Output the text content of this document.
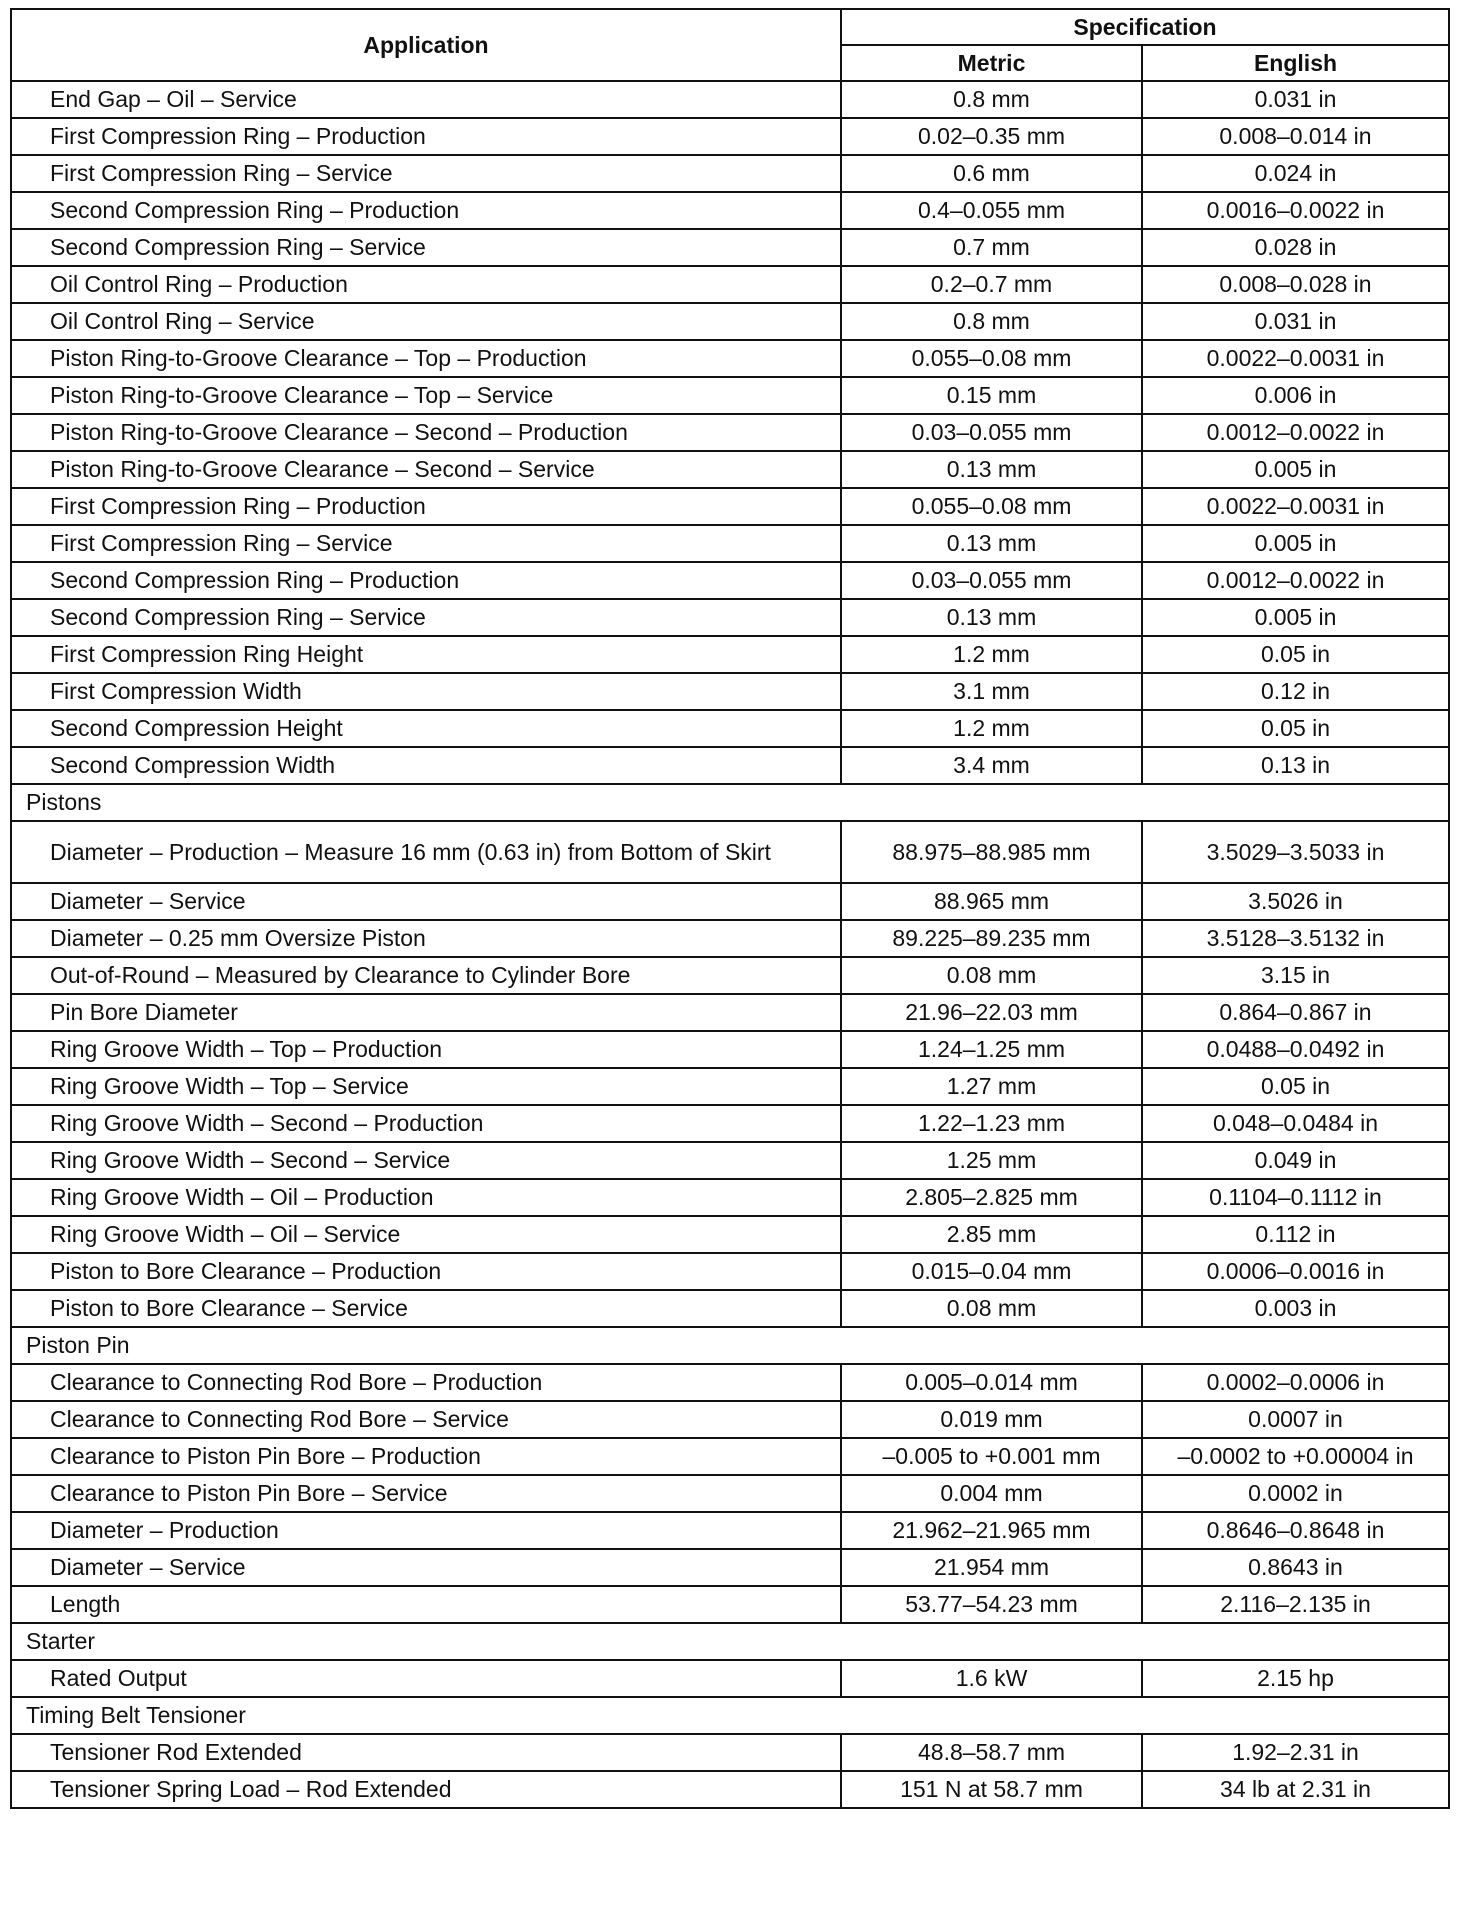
Application	Specification	
	Metric	English
End Gap – Oil – Service	0.8 mm	0.031 in
First Compression Ring – Production	0.02–0.35 mm	0.008–0.014 in
First Compression Ring – Service	0.6 mm	0.024 in
Second Compression Ring – Production	0.4–0.055 mm	0.0016–0.0022 in
Second Compression Ring – Service	0.7 mm	0.028 in
Oil Control Ring – Production	0.2–0.7 mm	0.008–0.028 in
Oil Control Ring – Service	0.8 mm	0.031 in
Piston Ring-to-Groove Clearance – Top – Production	0.055–0.08 mm	0.0022–0.0031 in
Piston Ring-to-Groove Clearance – Top – Service	0.15 mm	0.006 in
Piston Ring-to-Groove Clearance – Second – Production	0.03–0.055 mm	0.0012–0.0022 in
Piston Ring-to-Groove Clearance – Second – Service	0.13 mm	0.005 in
First Compression Ring – Production	0.055–0.08 mm	0.0022–0.0031 in
First Compression Ring – Service	0.13 mm	0.005 in
Second Compression Ring – Production	0.03–0.055 mm	0.0012–0.0022 in
Second Compression Ring – Service	0.13 mm	0.005 in
First Compression Ring Height	1.2 mm	0.05 in
First Compression Width	3.1 mm	0.12 in
Second Compression Height	1.2 mm	0.05 in
Second Compression Width	3.4 mm	0.13 in
Pistons		
Diameter – Production – Measure 16 mm (0.63 in) from Bottom of Skirt	88.975–88.985 mm	3.5029–3.5033 in
Diameter – Service	88.965 mm	3.5026 in
Diameter – 0.25 mm Oversize Piston	89.225–89.235 mm	3.5128–3.5132 in
Out-of-Round – Measured by Clearance to Cylinder Bore	0.08 mm	3.15 in
Pin Bore Diameter	21.96–22.03 mm	0.864–0.867 in
Ring Groove Width – Top – Production	1.24–1.25 mm	0.0488–0.0492 in
Ring Groove Width – Top – Service	1.27 mm	0.05 in
Ring Groove Width – Second – Production	1.22–1.23 mm	0.048–0.0484 in
Ring Groove Width – Second – Service	1.25 mm	0.049 in
Ring Groove Width – Oil – Production	2.805–2.825 mm	0.1104–0.1112 in
Ring Groove Width – Oil – Service	2.85 mm	0.112 in
Piston to Bore Clearance – Production	0.015–0.04 mm	0.0006–0.0016 in
Piston to Bore Clearance – Service	0.08 mm	0.003 in
Piston Pin		
Clearance to Connecting Rod Bore – Production	0.005–0.014 mm	0.0002–0.0006 in
Clearance to Connecting Rod Bore – Service	0.019 mm	0.0007 in
Clearance to Piston Pin Bore – Production	–0.005 to +0.001 mm	–0.0002 to +0.00004 in
Clearance to Piston Pin Bore – Service	0.004 mm	0.0002 in
Diameter – Production	21.962–21.965 mm	0.8646–0.8648 in
Diameter – Service	21.954 mm	0.8643 in
Length	53.77–54.23 mm	2.116–2.135 in
Starter		
Rated Output	1.6 kW	2.15 hp
Timing Belt Tensioner		
Tensioner Rod Extended	48.8–58.7 mm	1.92–2.31 in
Tensioner Spring Load – Rod Extended	151 N at 58.7 mm	34 lb at 2.31 in
